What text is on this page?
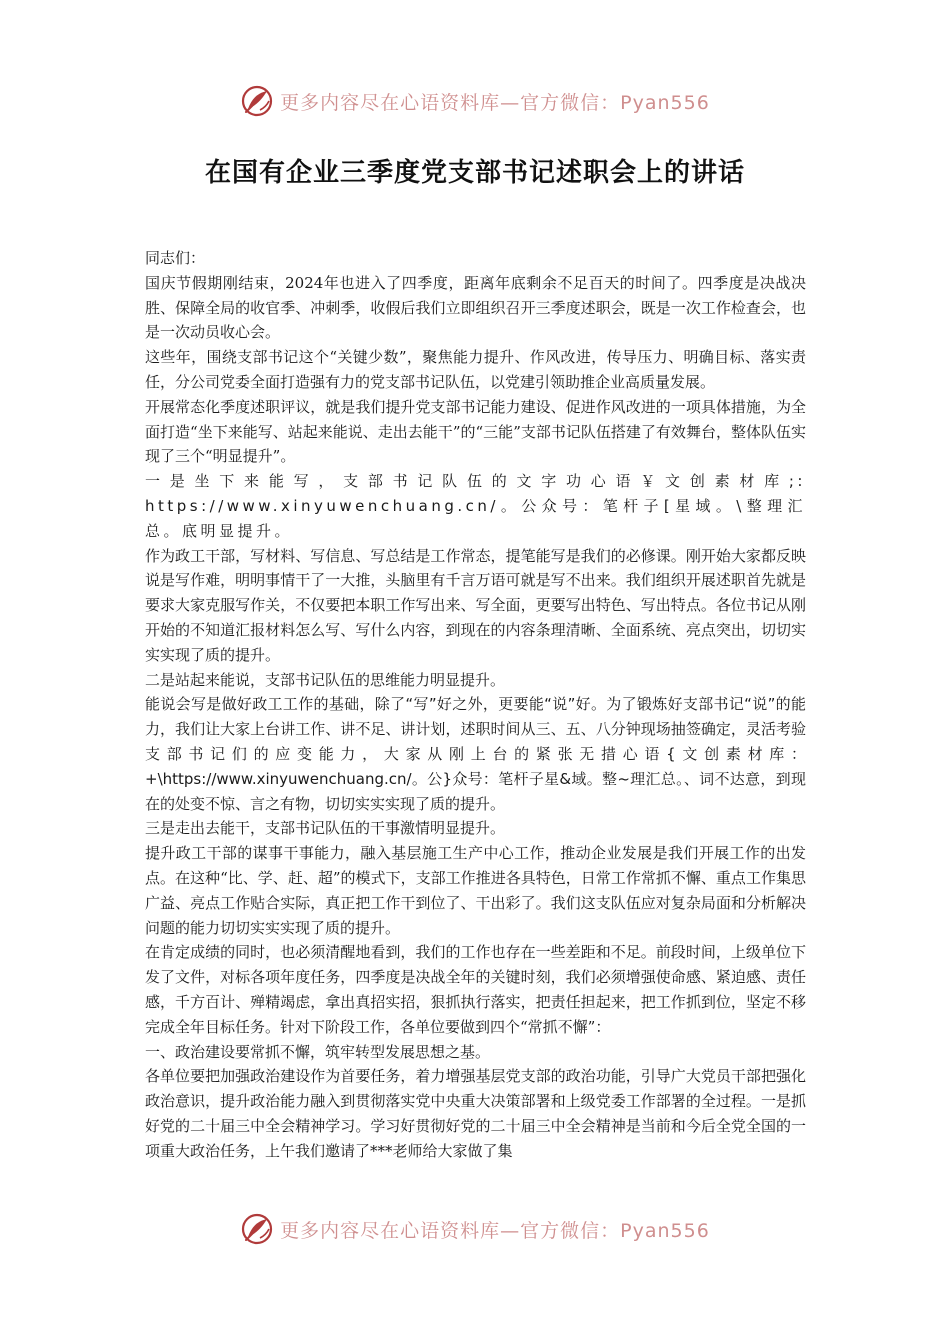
更多内容尽在心语资料库—官方微信：Pyan556
在国有企业三季度党支部书记述职会上的讲话

同志们：

国庆节假期刚结束，2024年也进入了四季度，距离年底剩余不足百天的时间了。四季度是决战决胜、保障全局的收官季、冲刺季，收假后我们立即组织召开三季度述职会，既是一次工作检查会，也是一次动员收心会。

这些年，围绕支部书记这个“关键少数”，聚焦能力提升、作风改进，传导压力、明确目标、落实责任，分公司党委全面打造强有力的党支部书记队伍，以党建引领助推企业高质量发展。

开展常态化季度述职评议，就是我们提升党支部书记能力建设、促进作风改进的一项具体措施，为全面打造“坐下来能写、站起来能说、走出去能干”的“三能”支部书记队伍搭建了有效舞台，整体队伍实现了三个“明显提升”。

一是坐下来能写，支部书记队伍的文字功心语￥文创素材库;: https://www.xinyuwenchuang.cn/。公众号：笔杆子[星域。\整理汇总。底明显提升。

作为政工干部，写材料、写信息、写总结是工作常态，提笔能写是我们的必修课。刚开始大家都反映说是写作难，明明事情干了一大推，头脑里有千言万语可就是写不出来。我们组织开展述职首先就是要求大家克服写作关，不仅要把本职工作写出来、写全面，更要写出特色、写出特点。各位书记从刚开始的不知道汇报材料怎么写、写什么内容，到现在的内容条理清晰、全面系统、亮点突出，切切实实实现了质的提升。

二是站起来能说，支部书记队伍的思维能力明显提升。

能说会写是做好政工工作的基础，除了“写”好之外，更要能“说”好。为了锻炼好支部书记“说”的能力，我们让大家上台讲工作、讲不足、讲计划，述职时间从三、五、八分钟现场抽签确定，灵活考验支部书记们的应变能力，大家从刚上台的紧张无措心语{文创素材库：+\https://www.xinyuwenchuang.cn/。公}众号：笔杆子星&域。整~理汇总。、词不达意，到现在的处变不惊、言之有物，切切实实实现了质的提升。

三是走出去能干，支部书记队伍的干事激情明显提升。

提升政工干部的谋事干事能力，融入基层施工生产中心工作，推动企业发展是我们开展工作的出发点。在这种“比、学、赶、超”的模式下，支部工作推进各具特色，日常工作常抓不懈、重点工作集思广益、亮点工作贴合实际，真正把工作干到位了、干出彩了。我们这支队伍应对复杂局面和分析解决问题的能力切切实实实现了质的提升。

在肯定成绩的同时，也必须清醒地看到，我们的工作也存在一些差距和不足。前段时间，上级单位下发了文件，对标各项年度任务，四季度是决战全年的关键时刻，我们必须增强使命感、紧迫感、责任感，千方百计、殚精竭虑，拿出真招实招，狠抓执行落实，把责任担起来，把工作抓到位，坚定不移完成全年目标任务。针对下阶段工作，各单位要做到四个“常抓不懈”：

一、政治建设要常抓不懈，筑牢转型发展思想之基。

各单位要把加强政治建设作为首要任务，着力增强基层党支部的政治功能，引导广大党员干部把强化政治意识，提升政治能力融入到贯彻落实党中央重大决策部署和上级党委工作部署的全过程。一是抓好党的二十届三中全会精神学习。学习好贯彻好党的二十届三中全会精神是当前和今后全党全国的一项重大政治任务，上午我们邀请了***老师给大家做了集

更多内容尽在心语资料库—官方微信：Pyan556
